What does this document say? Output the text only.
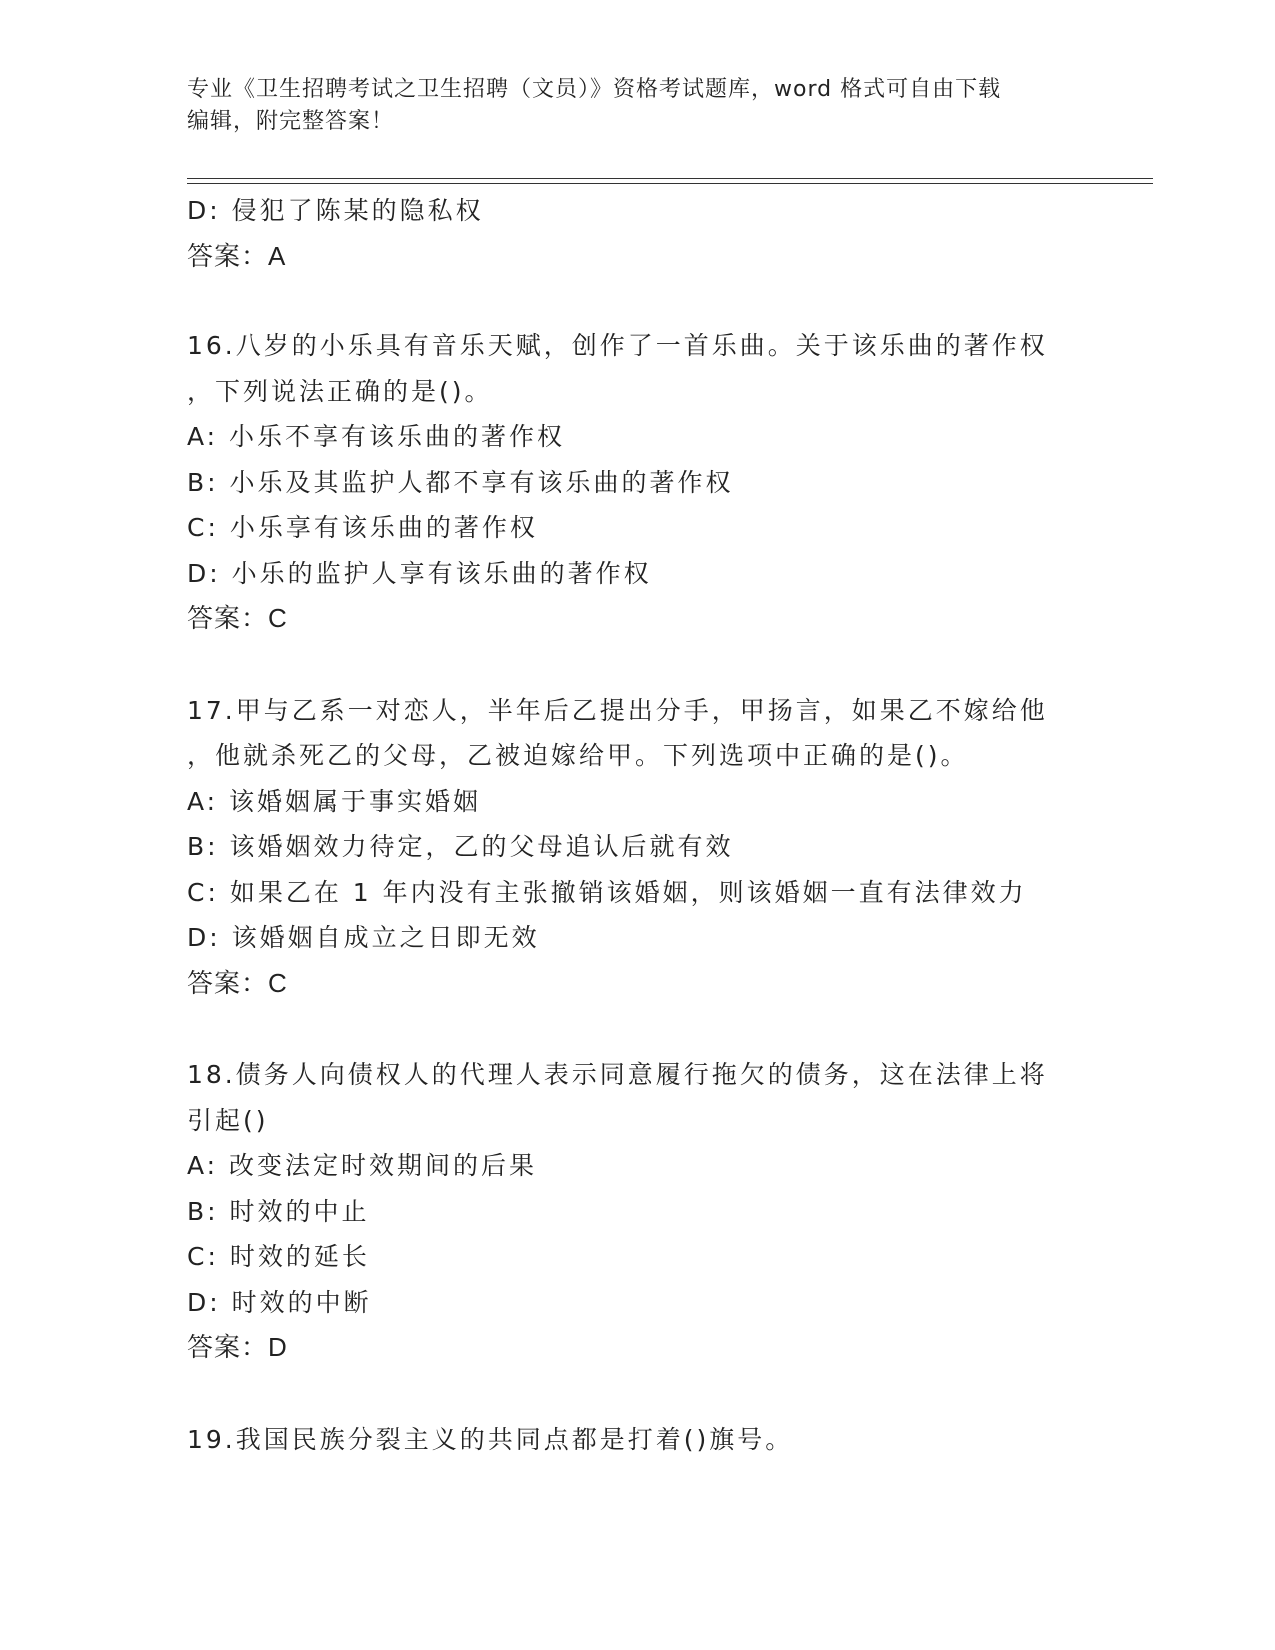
专业《卫生招聘考试之卫生招聘（文员）》资格考试题库，word 格式可自由下载

编辑，附完整答案！

D: 侵犯了陈某的隐私权

答案：A

16.八岁的小乐具有音乐天赋，创作了一首乐曲。关于该乐曲的著作权

，下列说法正确的是()。

A: 小乐不享有该乐曲的著作权

B: 小乐及其监护人都不享有该乐曲的著作权

C: 小乐享有该乐曲的著作权

D: 小乐的监护人享有该乐曲的著作权

答案：C

17.甲与乙系一对恋人，半年后乙提出分手，甲扬言，如果乙不嫁给他

，他就杀死乙的父母，乙被迫嫁给甲。下列选项中正确的是()。

A: 该婚姻属于事实婚姻

B: 该婚姻效力待定，乙的父母追认后就有效

C: 如果乙在 1 年内没有主张撤销该婚姻，则该婚姻一直有法律效力

D: 该婚姻自成立之日即无效

答案：C

18.债务人向债权人的代理人表示同意履行拖欠的债务，这在法律上将

引起()

A: 改变法定时效期间的后果

B: 时效的中止

C: 时效的延长

D: 时效的中断

答案：D

19.我国民族分裂主义的共同点都是打着()旗号。
